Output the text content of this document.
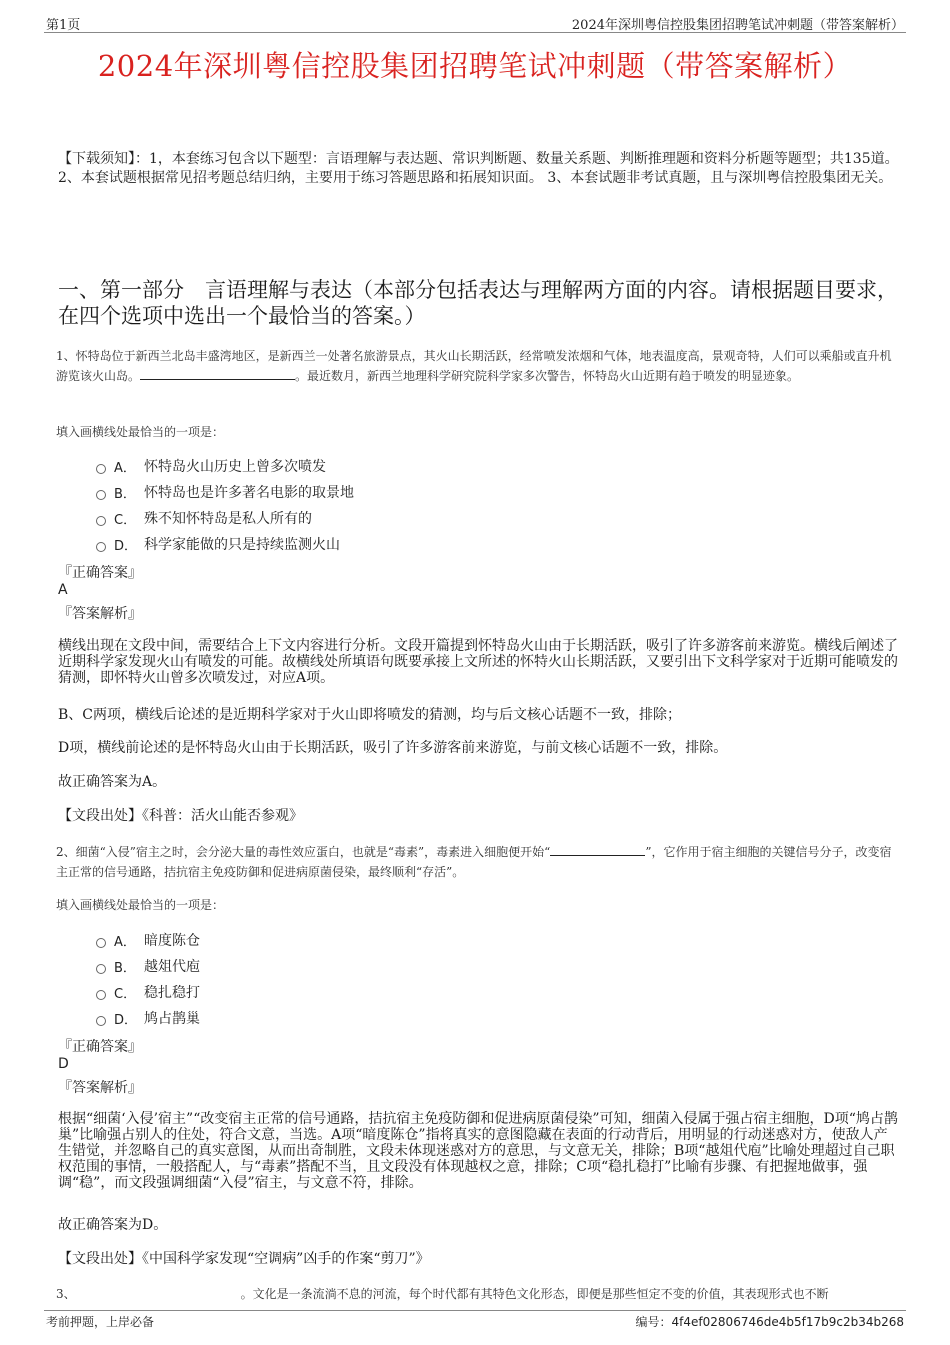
第1页	2024年深圳粤信控股集团招聘笔试冲刺题（带答案解析）
2024年深圳粤信控股集团招聘笔试冲刺题（带答案解析）
【下载须知】：1，本套练习包含以下题型：言语理解与表达题、常识判断题、数量关系题、判断推理题和资料分析题等题型；共135道。 2、本套试题根据常见招考题总结归纳，主要用于练习答题思路和拓展知识面。 3、本套试题非考试真题，且与深圳粤信控股集团无关。
一、第一部分　言语理解与表达（本部分包括表达与理解两方面的内容。请根据题目要求，在四个选项中选出一个最恰当的答案。）
1、怀特岛位于新西兰北岛丰盛湾地区，是新西兰一处著名旅游景点，其火山长期活跃，经常喷发浓烟和气体，地表温度高，景观奇特，人们可以乘船或直升机游览该火山岛。	。最近数月，新西兰地理科学研究院科学家多次警告，怀特岛火山近期有趋于喷发的明显迹象。
填入画横线处最恰当的一项是：
A． 怀特岛火山历史上曾多次喷发
B． 怀特岛也是许多著名电影的取景地
C． 殊不知怀特岛是私人所有的
D． 科学家能做的只是持续监测火山
『正确答案』
A
『答案解析』
横线出现在文段中间，需要结合上下文内容进行分析。文段开篇提到怀特岛火山由于长期活跃，吸引了许多游客前来游览。横线后阐述了近期科学家发现火山有喷发的可能。故横线处所填语句既要承接上文所述的怀特火山长期活跃，又要引出下文科学家对于近期可能喷发的猜测，即怀特火山曾多次喷发过，对应A项。
B、C两项，横线后论述的是近期科学家对于火山即将喷发的猜测，均与后文核心话题不一致，排除；
D项，横线前论述的是怀特岛火山由于长期活跃，吸引了许多游客前来游览，与前文核心话题不一致，排除。
故正确答案为A。
【文段出处】《科普：活火山能否参观》
2、细菌“入侵”宿主之时，会分泌大量的毒性效应蛋白，也就是“毒素”，毒素进入细胞便开始“	”，它作用于宿主细胞的关键信号分子，改变宿主正常的信号通路，拮抗宿主免疫防御和促进病原菌侵染，最终顺利“存活”。
填入画横线处最恰当的一项是：
A． 暗度陈仓
B． 越俎代庖
C． 稳扎稳打
D． 鸠占鹊巢
『正确答案』
D
『答案解析』
根据“细菌‘入侵’宿主”“改变宿主正常的信号通路，拮抗宿主免疫防御和促进病原菌侵染”可知，细菌入侵属于强占宿主细胞，D项“鸠占鹊巢”比喻强占别人的住处，符合文意，当选。A项“暗度陈仓”指将真实的意图隐藏在表面的行动背后，用明显的行动迷惑对方，使敌人产生错觉，并忽略自己的真实意图，从而出奇制胜，文段未体现迷惑对方的意思，与文意无关，排除；B项“越俎代庖”比喻处理超过自己职权范围的事情，一般搭配人，与“毒素”搭配不当，且文段没有体现越权之意，排除；C项“稳扎稳打”比喻有步骤、有把握地做事，强调“稳”，而文段强调细菌“入侵”宿主，与文意不符，排除。
故正确答案为D。
【文段出处】《中国科学家发现“空调病”凶手的作案“剪刀”》
3、	。文化是一条流淌不息的河流，每个时代都有其特色文化形态，即便是那些恒定不变的价值，其表现形式也不断
考前押题，上岸必备	编号：4f4ef02806746de4b5f17b9c2b34b268
